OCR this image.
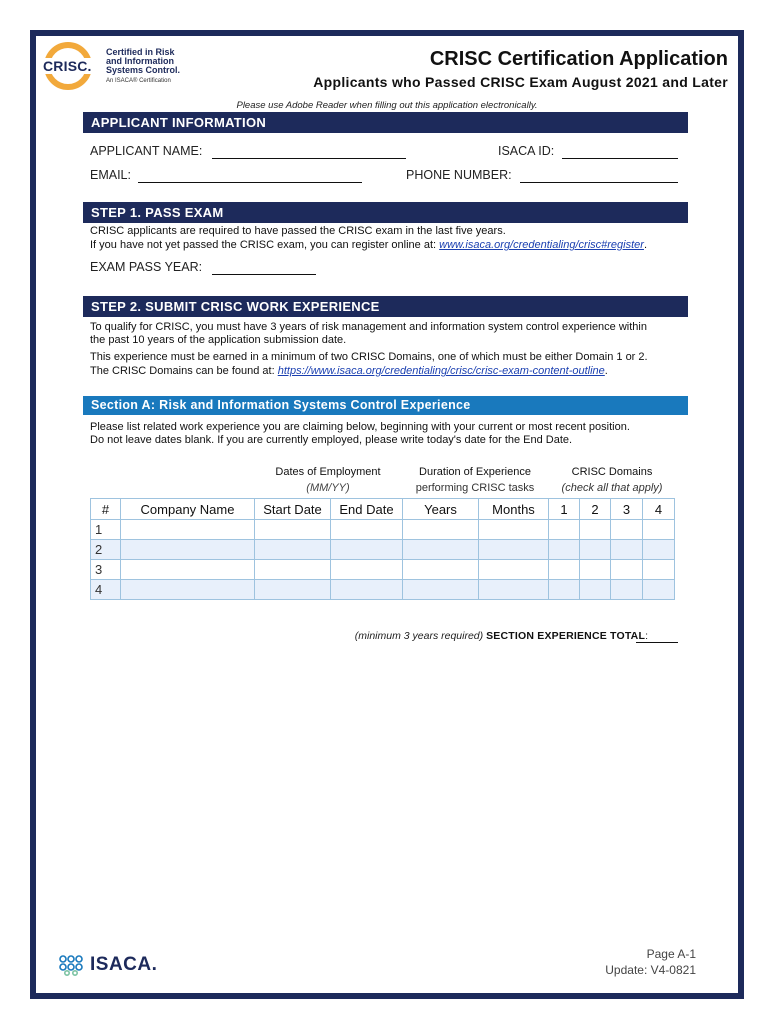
CRISC.
Certified in Risk
and Information
Systems Control.
An ISACA® Certification
CRISC Certification Application
Applicants who Passed CRISC Exam August 2021 and Later
Please use Adobe Reader when filling out this application electronically.
APPLICANT INFORMATION
APPLICANT NAME:	ISACA ID:
EMAIL:	PHONE NUMBER:
STEP 1. PASS EXAM
CRISC applicants are required to have passed the CRISC exam in the last five years.
If you have not yet passed the CRISC exam, you can register online at: www.isaca.org/credentialing/crisc#register.
EXAM PASS YEAR:
STEP 2. SUBMIT CRISC WORK EXPERIENCE
To qualify for CRISC, you must have 3 years of risk management and information system control experience within
the past 10 years of the application submission date.
This experience must be earned in a minimum of two CRISC Domains, one of which must be either Domain 1 or 2.
The CRISC Domains can be found at: https://www.isaca.org/credentialing/crisc/crisc-exam-content-outline.
Section A: Risk and Information Systems Control Experience
Please list related work experience you are claiming below, beginning with your current or most recent position.
Do not leave dates blank. If you are currently employed, please write today's date for the End Date.
Dates of Employment
(MM/YY)
Duration of Experience
performing CRISC tasks
CRISC Domains
(check all that apply)
#	Company Name	Start Date	End Date	Years	Months	1	2	3	4
1									
2									
3									
4									
(minimum 3 years required) SECTION EXPERIENCE TOTAL:
ISACA.	Page A-1
Update: V4-0821
